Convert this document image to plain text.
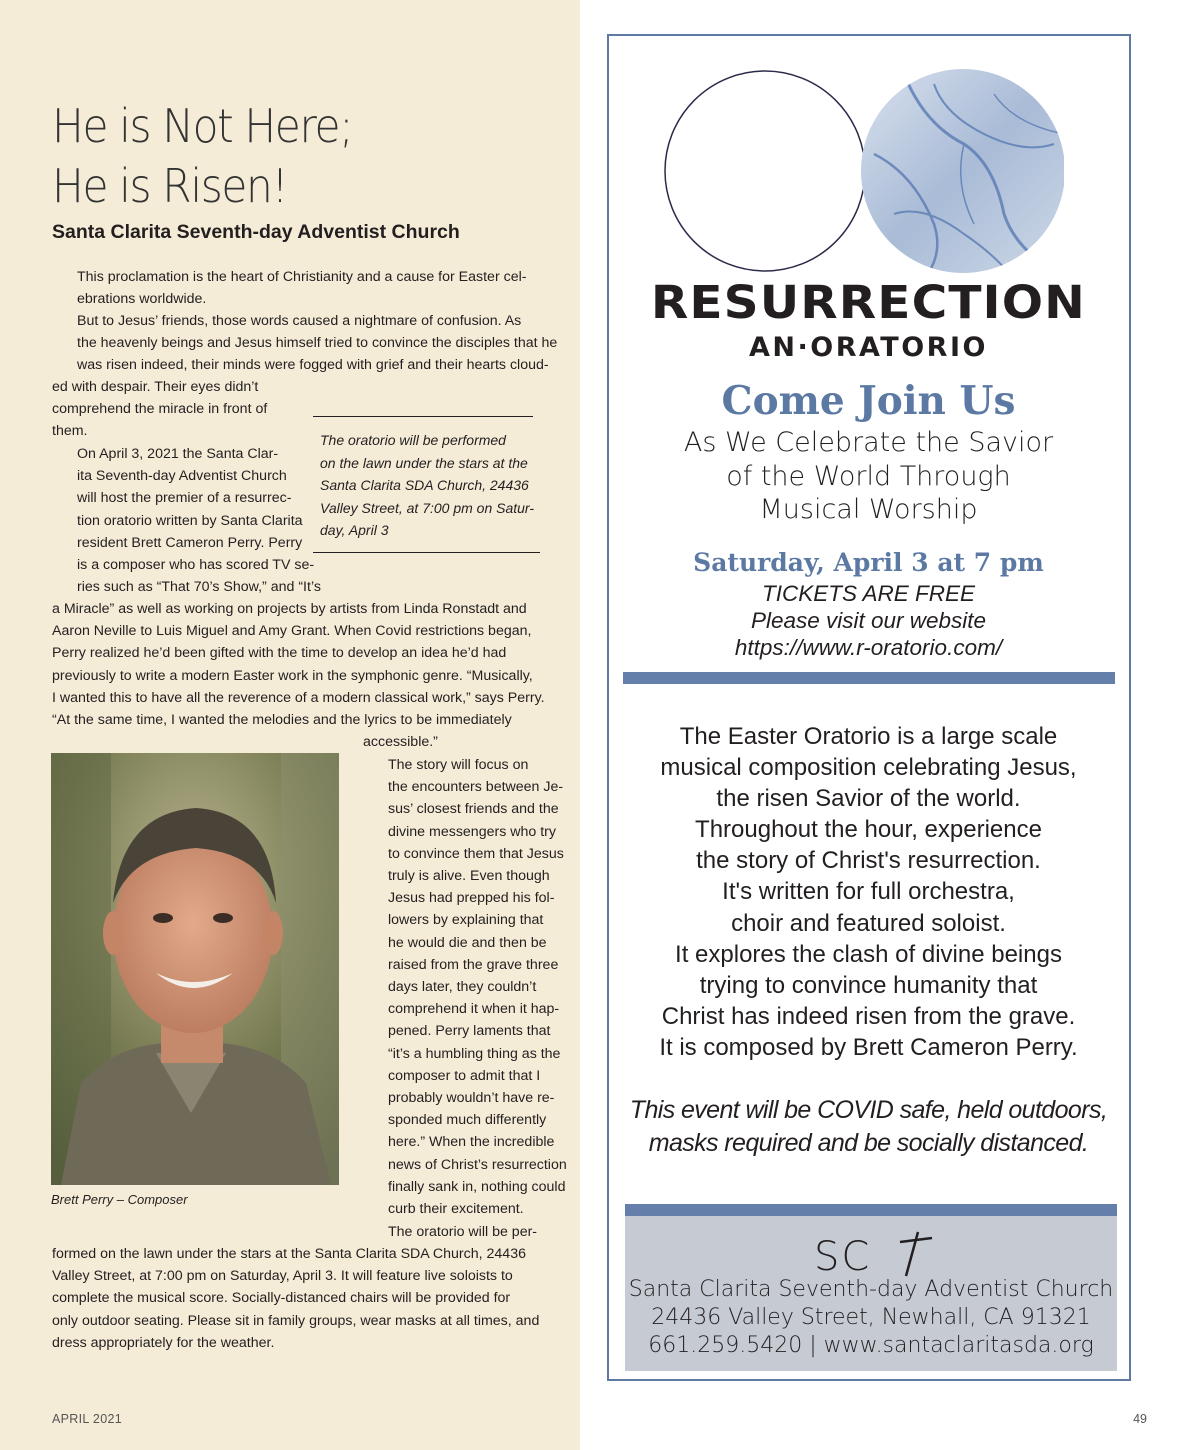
He is Not Here;
He is Risen!

Santa Clarita Seventh-day Adventist Church

This proclamation is the heart of Christianity and a cause for Easter cel-
ebrations worldwide.

But to Jesus’ friends, those words caused a nightmare of confusion. As
the heavenly beings and Jesus himself tried to convince the disciples that he
was risen indeed, their minds were fogged with grief and their hearts cloud-

ed with despair. Their eyes didn’t
comprehend the miracle in front of
them.

On April 3, 2021 the Santa Clar-
ita Seventh-day Adventist Church
will host the premier of a resurrec-
tion oratorio written by Santa Clarita
resident Brett Cameron Perry. Perry
is a composer who has scored TV se-
ries such as “That 70’s Show,” and “It’s

a Miracle” as well as working on projects by artists from Linda Ronstadt and
Aaron Neville to Luis Miguel and Amy Grant. When Covid restrictions began,
Perry realized he’d been gifted with the time to develop an idea he’d had
previously to write a modern Easter work in the symphonic genre. “Musically,
I wanted this to have all the reverence of a modern classical work,” says Perry.
“At the same time, I wanted the melodies and the lyrics to be immediately

accessible.”

The story will focus on
the encounters between Je-
sus’ closest friends and the
divine messengers who try
to convince them that Jesus
truly is alive. Even though
Jesus had prepped his fol-
lowers by explaining that
he would die and then be
raised from the grave three
days later, they couldn’t
comprehend it when it hap-
pened. Perry laments that
“it’s a humbling thing as the
composer to admit that I
probably wouldn’t have re-
sponded much differently
here.” When the incredible
news of Christ’s resurrection
finally sank in, nothing could
curb their excitement.

The oratorio will be per-

formed on the lawn under the stars at the Santa Clarita SDA Church, 24436
Valley Street, at 7:00 pm on Saturday, April 3. It will feature live soloists to
complete the musical score. Socially-distanced chairs will be provided for
only outdoor seating. Please sit in family groups, wear masks at all times, and
dress appropriately for the weather.

The oratorio will be performed
on the lawn under the stars at the
Santa Clarita SDA Church, 24436
Valley Street, at 7:00 pm on Satur-
day, April 3

Brett Perry – Composer

APRIL 2021	49
RESURRECTION
AN·ORATORIO
Come Join Us
As We Celebrate the Savior
of the World Through
Musical Worship
Saturday, April 3 at 7 pm
TICKETS ARE FREE
Please visit our website
https://www.r-oratorio.com/
The Easter Oratorio is a large scale
musical composition celebrating Jesus,
the risen Savior of the world.
Throughout the hour, experience
the story of Christ's resurrection.
It's written for full orchestra,
choir and featured soloist.
It explores the clash of divine beings
trying to convince humanity that
Christ has indeed risen from the grave.
It is composed by Brett Cameron Perry.
This event will be COVID safe, held outdoors,
masks required and be socially distanced.
SC
Santa Clarita Seventh-day Adventist Church
24436 Valley Street, Newhall, CA 91321
661.259.5420 | www.santaclaritasda.org
